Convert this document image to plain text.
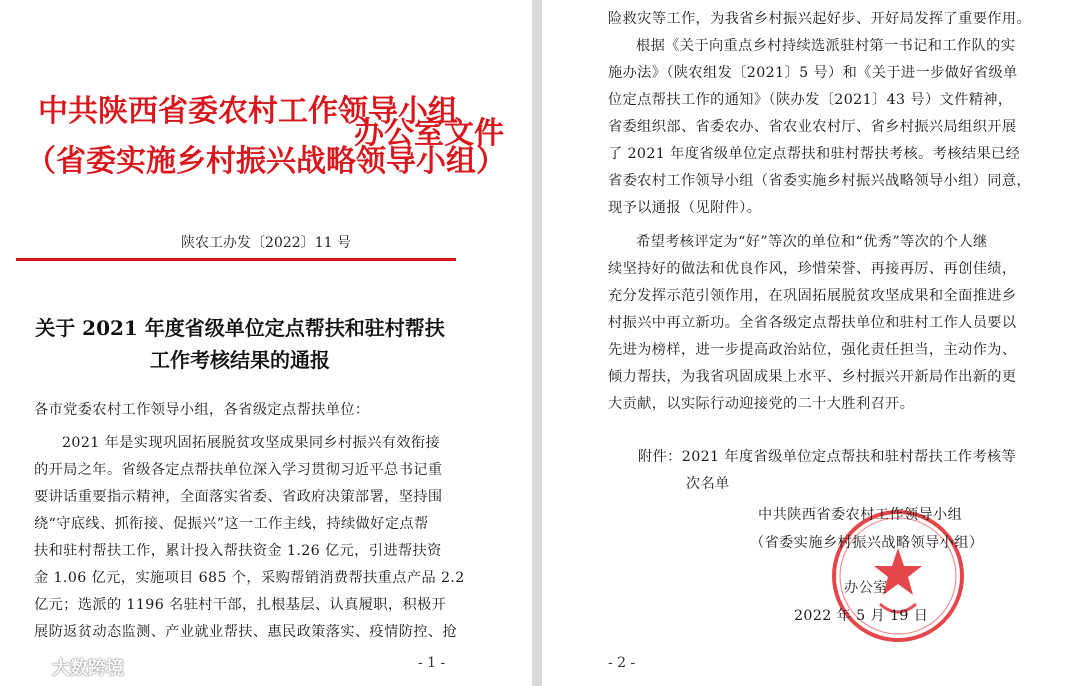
中共陕西省委农村工作领导小组
（省委实施乡村振兴战略领导小组）
办公室文件
陕农工办发〔2022〕11 号
关于 2021 年度省级单位定点帮扶和驻村帮扶
工作考核结果的通报
各市党委农村工作领导小组，各省级定点帮扶单位：
2021 年是实现巩固拓展脱贫攻坚成果同乡村振兴有效衔接
的开局之年。省级各定点帮扶单位深入学习贯彻习近平总书记重
要讲话重要指示精神，全面落实省委、省政府决策部署，坚持围
绕“守底线、抓衔接、促振兴”这一工作主线，持续做好定点帮
扶和驻村帮扶工作，累计投入帮扶资金 1.26 亿元，引进帮扶资
金 1.06 亿元，实施项目 685 个，采购帮销消费帮扶重点产品 2.2
亿元；选派的 1196 名驻村干部，扎根基层、认真履职，积极开
展防返贫动态监测、产业就业帮扶、惠民政策落实、疫情防控、抢
- 1 -
险救灾等工作，为我省乡村振兴起好步、开好局发挥了重要作用。
根据《关于向重点乡村持续选派驻村第一书记和工作队的实
施办法》（陕农组发〔2021〕5 号）和《关于进一步做好省级单
位定点帮扶工作的通知》（陕办发〔2021〕43 号）文件精神，
省委组织部、省委农办、省农业农村厅、省乡村振兴局组织开展
了 2021 年度省级单位定点帮扶和驻村帮扶考核。考核结果已经
省委农村工作领导小组（省委实施乡村振兴战略领导小组）同意，
现予以通报（见附件）。
希望考核评定为“好”等次的单位和“优秀”等次的个人继
续坚持好的做法和优良作风，珍惜荣誉、再接再厉、再创佳绩，
充分发挥示范引领作用，在巩固拓展脱贫攻坚成果和全面推进乡
村振兴中再立新功。全省各级定点帮扶单位和驻村工作人员要以
先进为榜样，进一步提高政治站位，强化责任担当，主动作为、
倾力帮扶，为我省巩固成果上水平、乡村振兴开新局作出新的更
大贡献，以实际行动迎接党的二十大胜利召开。
附件：2021 年度省级单位定点帮扶和驻村帮扶工作考核等
次名单
中共陕西省委农村工作领导小组
（省委实施乡村振兴战略领导小组）
办公室
2022 年 5 月 19 日
- 2 -
大数跨境
